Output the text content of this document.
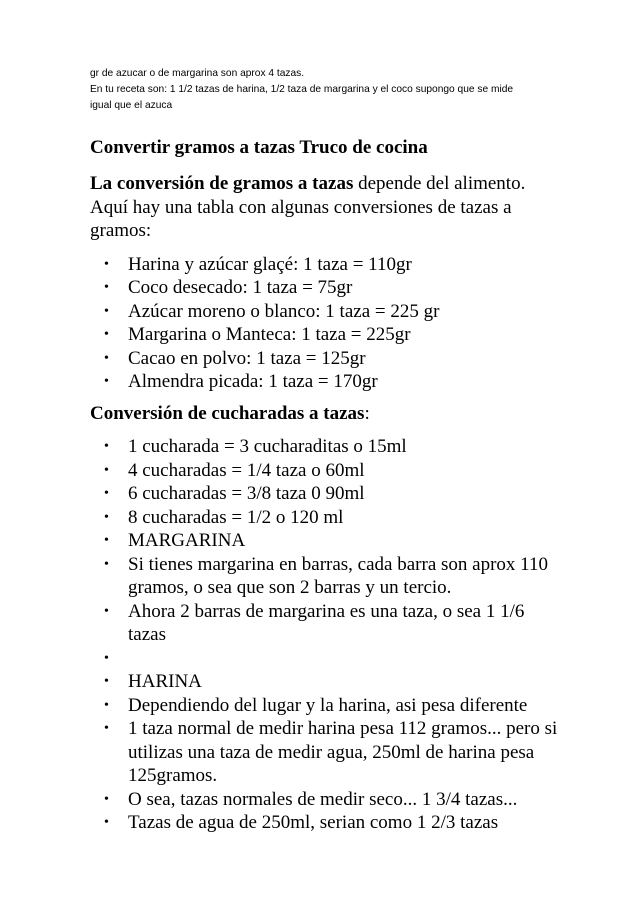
gr de azucar o de margarina son aprox 4 tazas.

En tu receta son: 1 1/2 tazas de harina, 1/2 taza de margarina y el coco supongo que se mide

igual que el azuca

Convertir gramos a tazas Truco de cocina

La conversión de gramos a tazas depende del alimento. Aquí hay una tabla con algunas conversiones de tazas a gramos:

• Harina y azúcar glaçé: 1 taza = 110gr
• Coco desecado: 1 taza = 75gr
• Azúcar moreno o blanco: 1 taza = 225 gr
• Margarina o Manteca: 1 taza = 225gr
• Cacao en polvo: 1 taza = 125gr
• Almendra picada: 1 taza = 170gr
Conversión de cucharadas a tazas:
• 1 cucharada = 3 cucharaditas o 15ml
• 4 cucharadas = 1/4 taza o 60ml
• 6 cucharadas = 3/8 taza 0 90ml
• 8 cucharadas = 1/2 o 120 ml
• MARGARINA
• Si tienes margarina en barras, cada barra son aprox 110 gramos, o sea que son 2 barras y un tercio.
• Ahora 2 barras de margarina es una taza, o sea 1 1/6 tazas
•
• HARINA
• Dependiendo del lugar y la harina, asi pesa diferente
• 1 taza normal de medir harina pesa 112 gramos... pero si utilizas una taza de medir agua, 250ml de harina pesa 125gramos.
• O sea, tazas normales de medir seco... 1 3/4 tazas...
• Tazas de agua de 250ml, serian como 1 2/3 tazas
